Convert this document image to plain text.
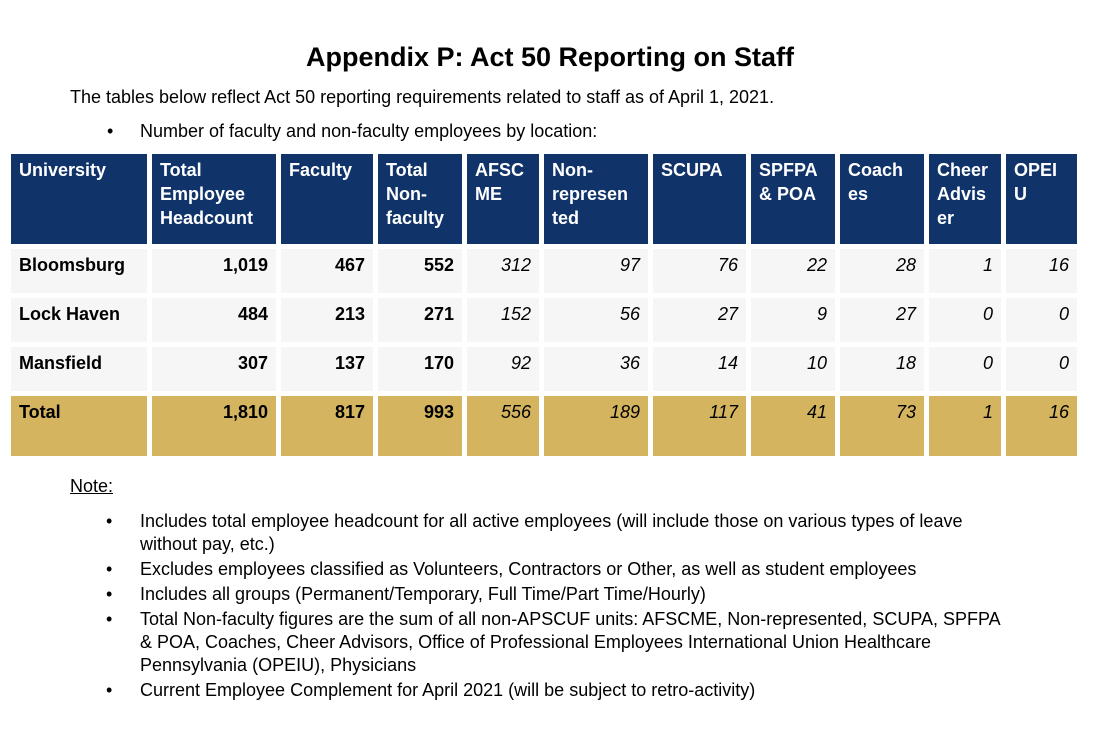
Appendix P: Act 50 Reporting on Staff
The tables below reflect Act 50 reporting requirements related to staff as of April 1, 2021.
• Number of faculty and non-faculty employees by location:
University	Total Employee Headcount	Faculty	Total Non-faculty	AFSC ME	Non-represen ted	SCUPA	SPFPA & POA	Coach es	Cheer Advis er	OPEI U
Bloomsburg	1,019	467	552	312	97	76	22	28	1	16
Lock Haven	484	213	271	152	56	27	9	27	0	0
Mansfield	307	137	170	92	36	14	10	18	0	0
Total	1,810	817	993	556	189	117	41	73	1	16
Note:
• Includes total employee headcount for all active employees (will include those on various types of leave without pay, etc.)
• Excludes employees classified as Volunteers, Contractors or Other, as well as student employees
• Includes all groups (Permanent/Temporary, Full Time/Part Time/Hourly)
• Total Non-faculty figures are the sum of all non-APSCUF units: AFSCME, Non-represented, SCUPA, SPFPA & POA, Coaches, Cheer Advisors, Office of Professional Employees International Union Healthcare Pennsylvania (OPEIU), Physicians
• Current Employee Complement for April 2021 (will be subject to retro-activity)
